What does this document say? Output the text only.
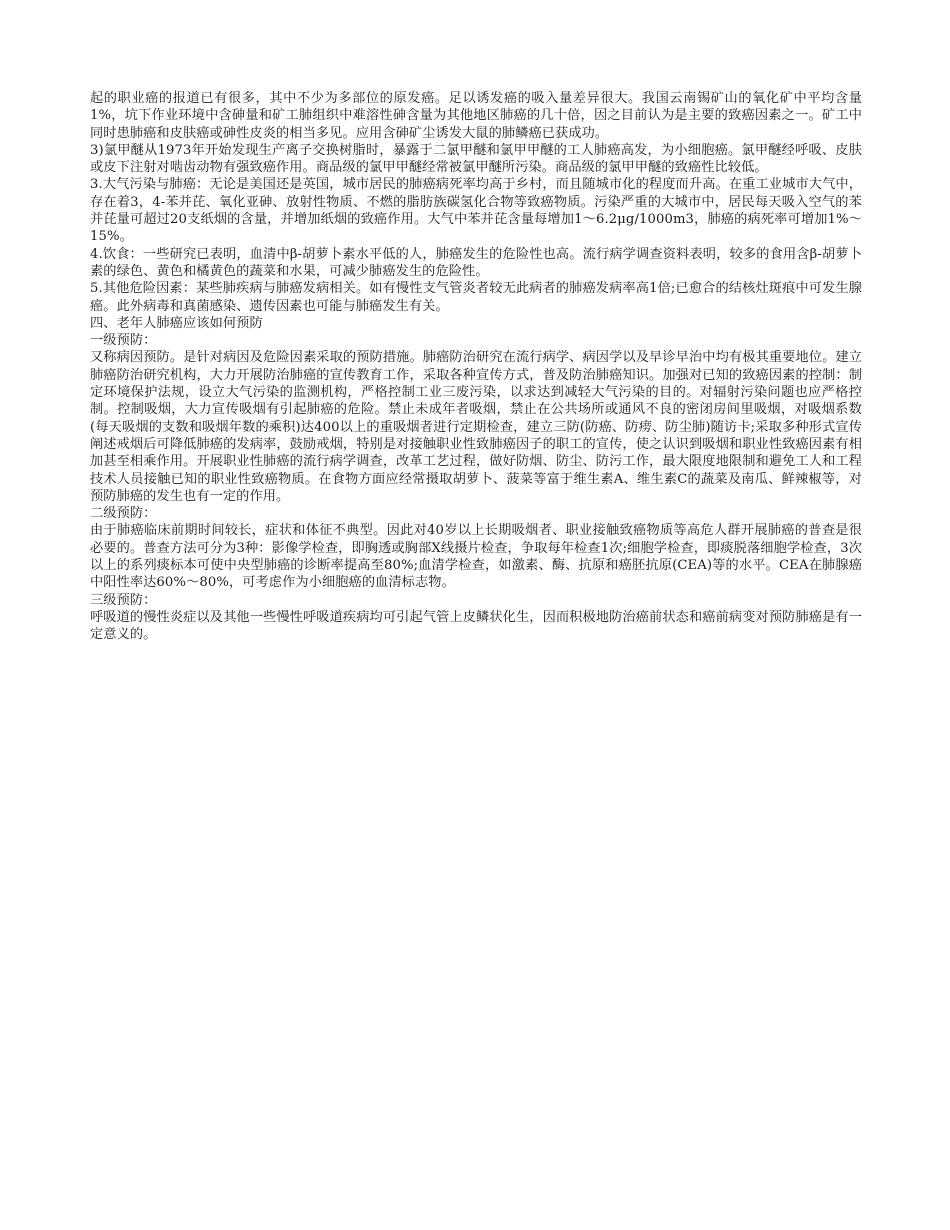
起的职业癌的报道已有很多，其中不少为多部位的原发癌。足以诱发癌的吸入量差异很大。我国云南锡矿山的氧化矿中平均含量1%，坑下作业环境中含砷量和矿工肺组织中难溶性砷含量为其他地区肺癌的几十倍，因之目前认为是主要的致癌因素之一。矿工中同时患肺癌和皮肤癌或砷性皮炎的相当多见。应用含砷矿尘诱发大鼠的肺鳞癌已获成功。

3)氯甲醚从1973年开始发现生产离子交换树脂时，暴露于二氯甲醚和氯甲甲醚的工人肺癌高发，为小细胞癌。氯甲醚经呼吸、皮肤或皮下注射对啮齿动物有强致癌作用。商品级的氯甲甲醚经常被氯甲醚所污染。商品级的氯甲甲醚的致癌性比较低。

3.大气污染与肺癌：无论是美国还是英国，城市居民的肺癌病死率均高于乡村，而且随城市化的程度而升高。在重工业城市大气中，存在着3，4-苯并芘、氧化亚砷、放射性物质、不燃的脂肪族碳氢化合物等致癌物质。污染严重的大城市中，居民每天吸入空气的苯并芘量可超过20支纸烟的含量，并增加纸烟的致癌作用。大气中苯并芘含量每增加1～6.2μg/1000m3，肺癌的病死率可增加1%～15%。

4.饮食：一些研究已表明，血清中β-胡萝卜素水平低的人，肺癌发生的危险性也高。流行病学调查资料表明，较多的食用含β-胡萝卜素的绿色、黄色和橘黄色的蔬菜和水果，可减少肺癌发生的危险性。

5.其他危险因素：某些肺疾病与肺癌发病相关。如有慢性支气管炎者较无此病者的肺癌发病率高1倍;已愈合的结核灶斑痕中可发生腺癌。此外病毒和真菌感染、遗传因素也可能与肺癌发生有关。

四、老年人肺癌应该如何预防

一级预防：

又称病因预防。是针对病因及危险因素采取的预防措施。肺癌防治研究在流行病学、病因学以及早诊早治中均有极其重要地位。建立肺癌防治研究机构，大力开展防治肺癌的宣传教育工作，采取各种宣传方式，普及防治肺癌知识。加强对已知的致癌因素的控制：制定环境保护法规，设立大气污染的监测机构，严格控制工业三废污染，以求达到减轻大气污染的目的。对辐射污染问题也应严格控制。控制吸烟，大力宣传吸烟有引起肺癌的危险。禁止未成年者吸烟，禁止在公共场所或通风不良的密闭房间里吸烟，对吸烟系数(每天吸烟的支数和吸烟年数的乘积)达400以上的重吸烟者进行定期检查，建立三防(防癌、防痨、防尘肺)随访卡;采取多种形式宣传阐述戒烟后可降低肺癌的发病率，鼓励戒烟，特别是对接触职业性致肺癌因子的职工的宣传，使之认识到吸烟和职业性致癌因素有相加甚至相乘作用。开展职业性肺癌的流行病学调查，改革工艺过程，做好防烟、防尘、防污工作，最大限度地限制和避免工人和工程技术人员接触已知的职业性致癌物质。在食物方面应经常摄取胡萝卜、菠菜等富于维生素A、维生素C的蔬菜及南瓜、鲜辣椒等，对预防肺癌的发生也有一定的作用。

二级预防：

由于肺癌临床前期时间较长，症状和体征不典型。因此对40岁以上长期吸烟者、职业接触致癌物质等高危人群开展肺癌的普查是很必要的。普查方法可分为3种：影像学检查，即胸透或胸部X线摄片检查，争取每年检查1次;细胞学检查，即痰脱落细胞学检查，3次以上的系列痰标本可使中央型肺癌的诊断率提高至80%;血清学检查，如激素、酶、抗原和癌胚抗原(CEA)等的水平。CEA在肺腺癌中阳性率达60%～80%，可考虑作为小细胞癌的血清标志物。

三级预防：

呼吸道的慢性炎症以及其他一些慢性呼吸道疾病均可引起气管上皮鳞状化生，因而积极地防治癌前状态和癌前病变对预防肺癌是有一定意义的。
